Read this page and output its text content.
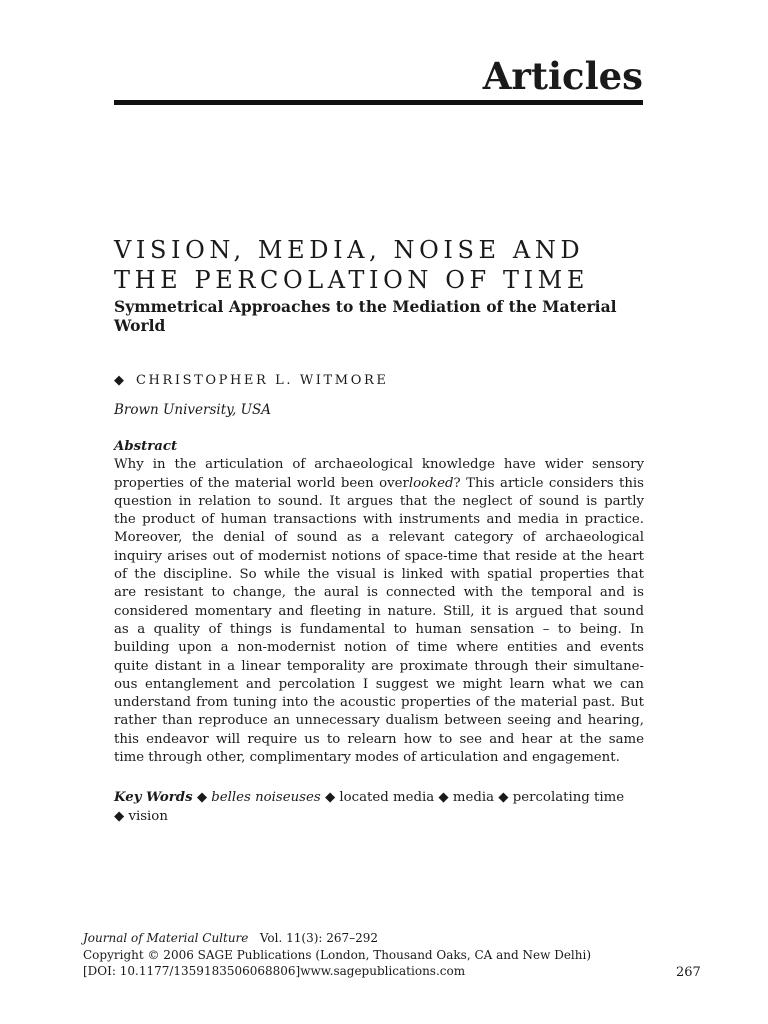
Articles
VISION, MEDIA, NOISE AND
THE PERCOLATION OF TIME

Symmetrical Approaches to the Mediation of the Material World

◆ CHRISTOPHER L. WITMORE
Brown University, USA

Abstract

Why in the articulation of archaeological knowledge have wider sensory
properties of the material world been overlooked? This article considers this
question in relation to sound. It argues that the neglect of sound is partly
the product of human transactions with instruments and media in practice.
Moreover, the denial of sound as a relevant category of archaeological
inquiry arises out of modernist notions of space-time that reside at the heart
of the discipline. So while the visual is linked with spatial properties that
are resistant to change, the aural is connected with the temporal and is
considered momentary and fleeting in nature. Still, it is argued that sound
as a quality of things is fundamental to human sensation – to being. In
building upon a non-modernist notion of time where entities and events
quite distant in a linear temporality are proximate through their simultane-
ous entanglement and percolation I suggest we might learn what we can
understand from tuning into the acoustic properties of the material past. But
rather than reproduce an unnecessary dualism between seeing and hearing,
this endeavor will require us to relearn how to see and hear at the same
time through other, complimentary modes of articulation and engagement.
Key Words ◆ belles noiseuses ◆ located media ◆ media ◆ percolating time
◆ vision
Journal of Material Culture Vol. 11(3): 267–292
Copyright © 2006 SAGE Publications (London, Thousand Oaks, CA and New Delhi)
[DOI: 10.1177/1359183506068806]www.sagepublications.com	267
